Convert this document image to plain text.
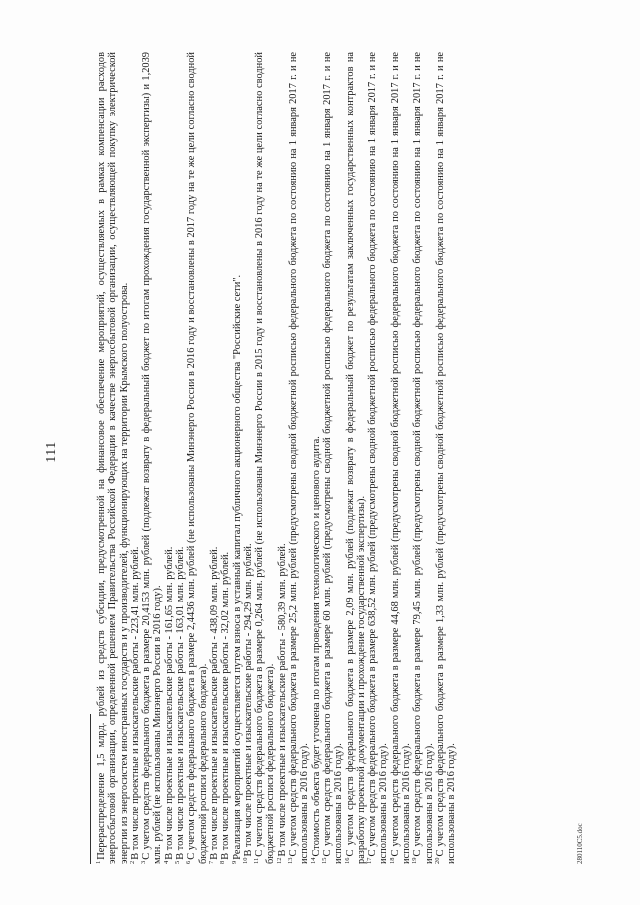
111

$^1$Перераспределение 1,5 млрд. рублей из средств субсидии, предусмотренной на финансовое обеспечение мероприятий, осуществляемых в рамках компенсации расходов энергосбытовой организации, определенной решением Правительства Российской Федерации в качестве энергосбытовой организации, осуществляющей покупку электрической энергии из энергосистем иностранных государств и у производителей, функционирующих на территории Крымского полуострова. $^2$В том числе проектные и изыскательские работы - 223,41 млн. рублей.

$^3$С учетом средств федерального бюджета в размере 20,4153 млн. рублей (подлежат возврату в федеральный бюджет по итогам прохождения государственной экспертизы) и 1,2039 млн. рублей (не использованы Минэнерго России в 2016 году). $^4$В том числе проектные и изыскательские работы - 161,65 млн. рублей.

$^5$В том числе проектные и изыскательские работы - 163,01 млн. рублей.

$^6$С учетом средств федерального бюджета в размере 2,4436 млн. рублей (не использованы Минэнерго России в 2016 году и восстановлены в 2017 году на те же цели согласно сводной бюджетной росписи федерального бюджета). $^7$В том числе проектные и изыскательские работы - 438,09 млн. рублей.

$^8$В том числе проектные и изыскательские работы - 32,02 млн. рублей.

$^9$Реализация мероприятий осуществляется путем взноса в уставный капитал публичного акционерного общества "Российские сети".

$^{10}$В том числе проектные и изыскательские работы - 294,29 млн. рублей.

$^{11}$С учетом средств федерального бюджета в размере 0,264 млн. рублей (не использованы Минэнерго России в 2015 году и восстановлены в 2016 году на те же цели согласно сводной бюджетной росписи федерального бюджета). $^{12}$В том числе проектные и изыскательские работы - 580,39 млн. рублей.

$^{13}$С учетом средств федерального бюджета в размере 25,2 млн. рублей (предусмотрены сводной бюджетной росписью федерального бюджета по состоянию на 1 января 2017 г. и не использованы в 2016 году). $^{14}$Стоимость объекта будет уточнена по итогам проведения технологического и ценового аудита.

$^{15}$С учетом средств федерального бюджета в размере 60 млн. рублей (предусмотрены сводной бюджетной росписью федерального бюджета по состоянию на 1 января 2017 г. и не использованы в 2016 году). $^{16}$С учетом средств федерального бюджета в размере 2,09 млн. рублей (подлежат возврату в федеральный бюджет по результатам заключенных государственных контрактов на разработку проектной документации и прохождение государственной экспертизы). $^{17}$С учетом средств федерального бюджета в размере 638,52 млн. рублей (предусмотрены сводной бюджетной росписью федерального бюджета по состоянию на 1 января 2017 г. и не использованы в 2016 году). $^{18}$С учетом средств федерального бюджета в размере 44,68 млн. рублей (предусмотрены сводной бюджетной росписью федерального бюджета по состоянию на 1 января 2017 г. и не использованы в 2016 году). $^{19}$С учетом средств федерального бюджета в размере 79,45 млн. рублей (предусмотрены сводной бюджетной росписью федерального бюджета по состоянию на 1 января 2017 г. и не использованы в 2016 году). $^{20}$С учетом средств федерального бюджета в размере 1,33 млн. рублей (предусмотрены сводной бюджетной росписью федерального бюджета по состоянию на 1 января 2017 г. и не использованы в 2016 году).	280110C5.doc
